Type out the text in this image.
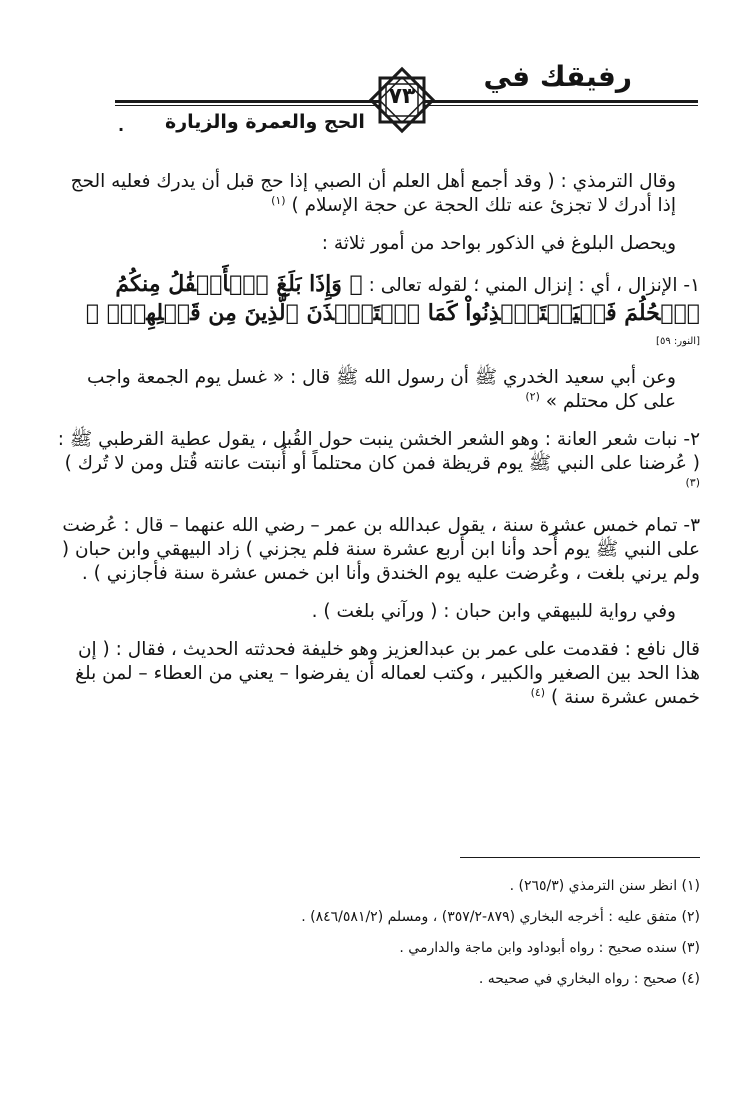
رفيقك في
٧٣
الحج والعمرة والزيارة
.

وقال الترمذي : ( وقد أجمع أهل العلم أن الصبي إذا حج قبل أن يدرك فعليه الحج إذا أدرك لا تجزئ عنه تلك الحجة عن حجة الإسلام ) $^{(١)}$

ويحصل البلوغ في الذكور بواحد من أمور ثلاثة :

١- الإنزال ، أي : إنزال المني ؛ لقوله تعالى : ﴿ وَإِذَا بَلَغَ ٱلۡأَطۡفَٰلُ مِنكُمُ ٱلۡحُلُمَ فَلۡيَسۡتَـٔۡذِنُواْ كَمَا ٱسۡتَـٔۡذَنَ ٱلَّذِينَ مِن قَبۡلِهِمۡۚ ﴾ [النور: ٥٩]

وعن أبي سعيد الخدري ﷺ أن رسول الله ﷺ قال : « غسل يوم الجمعة واجب على كل محتلم » $^{(٢)}$

٢- نبات شعر العانة : وهو الشعر الخشن ينبت حول القُبل ، يقول عطية القرطبي ﷺ : ( عُرضنا على النبي ﷺ يوم قريظة فمن كان محتلماً أو أُنبتت عانته قُتل ومن لا تُرك ) $^{(٣)}$

٣- تمام خمس عشرة سنة ، يقول عبدالله بن عمر – رضي الله عنهما – قال : عُرضت على النبي ﷺ يوم أُحد وأنا ابن أربع عشرة سنة فلم يجزني ) زاد البيهقي وابن حبان ( ولم يرني بلغت ، وعُرضت عليه يوم الخندق وأنا ابن خمس عشرة سنة فأجازني ) .

وفي رواية للبيهقي وابن حبان : ( ورآني بلغت ) .

قال نافع : فقدمت على عمر بن عبدالعزيز وهو خليفة فحدثته الحديث ، فقال : ( إن هذا الحد بين الصغير والكبير ، وكتب لعماله أن يفرضوا – يعني من العطاء – لمن بلغ خمس عشرة سنة ) $^{(٤)}$

(١) انظر سنن الترمذي (٢٦٥/٣) .

(٢) متفق عليه : أخرجه البخاري (٨٧٩-٣٥٧/٢) ، ومسلم (٨٤٦/٥٨١/٢) .

(٣) سنده صحيح : رواه أبوداود وابن ماجة والدارمي .

(٤) صحيح : رواه البخاري في صحيحه .
